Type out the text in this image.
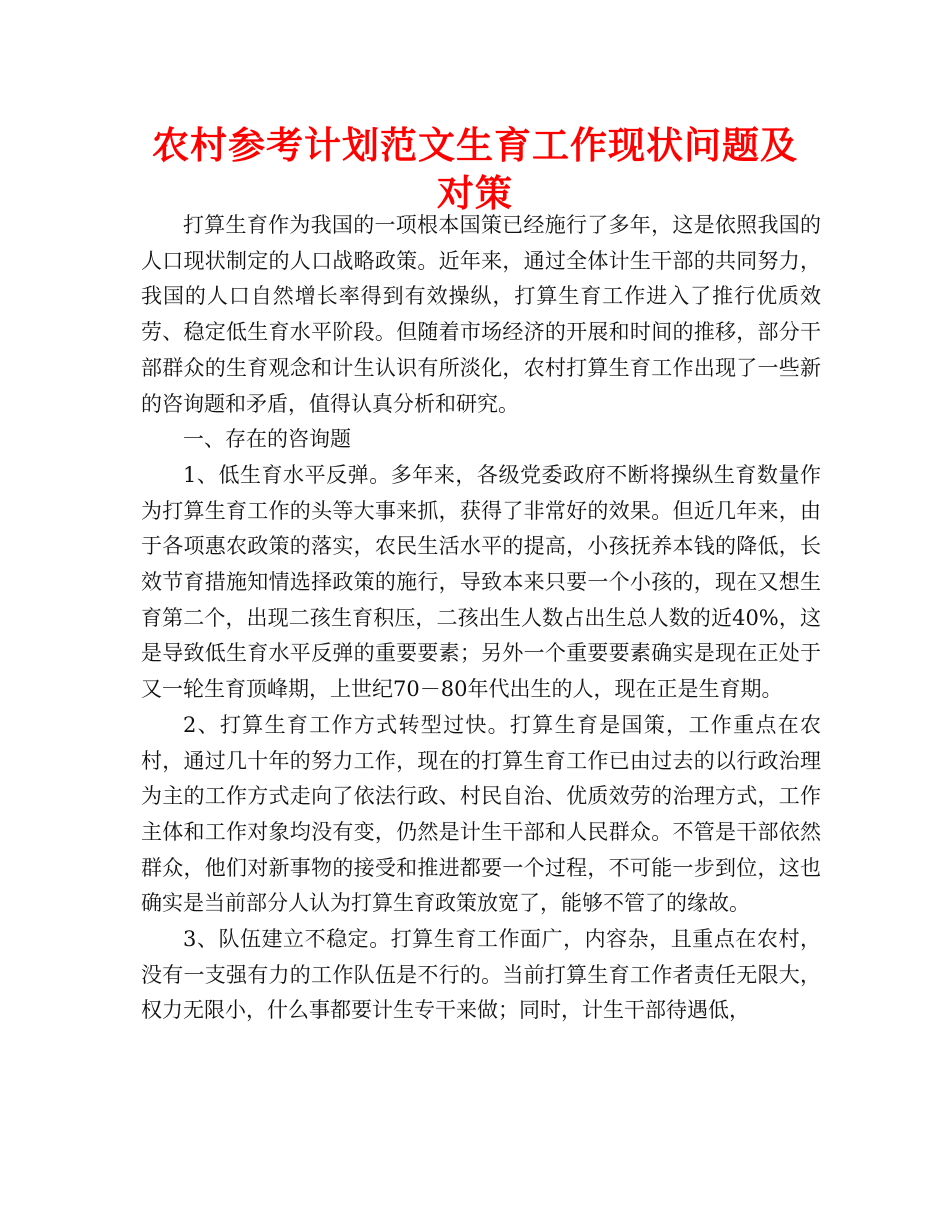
农村参考计划范文生育工作现状问题及对策

打算生育作为我国的一项根本国策已经施行了多年，这是依照我国的人口现状制定的人口战略政策。近年来，通过全体计生干部的共同努力，我国的人口自然增长率得到有效操纵，打算生育工作进入了推行优质效劳、稳定低生育水平阶段。但随着市场经济的开展和时间的推移，部分干部群众的生育观念和计生认识有所淡化，农村打算生育工作出现了一些新的咨询题和矛盾，值得认真分析和研究。

一、存在的咨询题

1、低生育水平反弹。多年来，各级党委政府不断将操纵生育数量作为打算生育工作的头等大事来抓，获得了非常好的效果。但近几年来，由于各项惠农政策的落实，农民生活水平的提高，小孩抚养本钱的降低，长效节育措施知情选择政策的施行，导致本来只要一个小孩的，现在又想生育第二个，出现二孩生育积压，二孩出生人数占出生总人数的近40%，这是导致低生育水平反弹的重要要素；另外一个重要要素确实是现在正处于又一轮生育顶峰期，上世纪70－80年代出生的人，现在正是生育期。

2、打算生育工作方式转型过快。打算生育是国策，工作重点在农村，通过几十年的努力工作，现在的打算生育工作已由过去的以行政治理为主的工作方式走向了依法行政、村民自治、优质效劳的治理方式，工作主体和工作对象均没有变，仍然是计生干部和人民群众。不管是干部依然群众，他们对新事物的接受和推进都要一个过程，不可能一步到位，这也确实是当前部分人认为打算生育政策放宽了，能够不管了的缘故。

3、队伍建立不稳定。打算生育工作面广，内容杂，且重点在农村，没有一支强有力的工作队伍是不行的。当前打算生育工作者责任无限大，权力无限小，什么事都要计生专干来做；同时，计生干部待遇低，
